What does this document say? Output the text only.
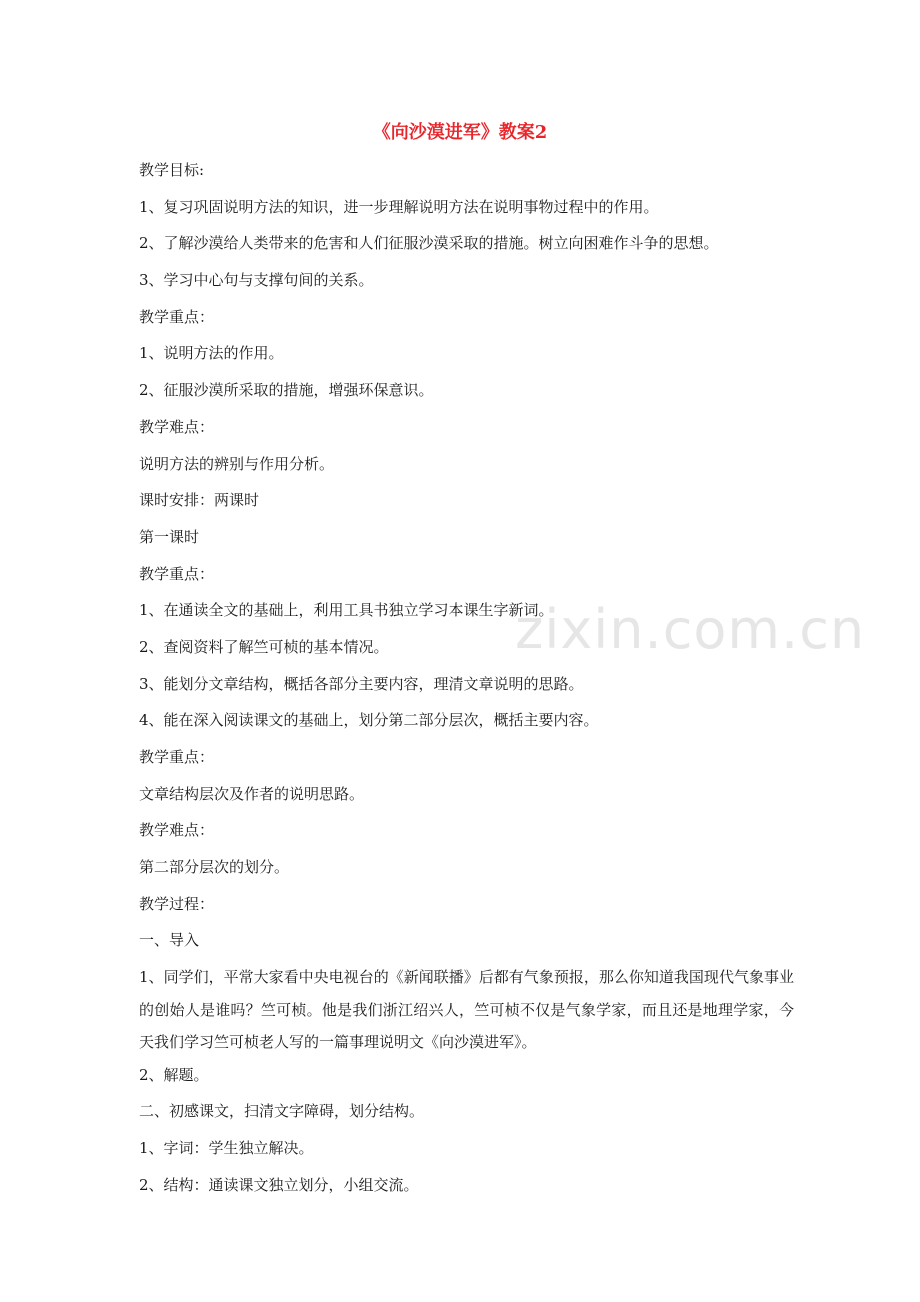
《向沙漠进军》教案2
教学目标:
1、复习巩固说明方法的知识，进一步理解说明方法在说明事物过程中的作用。
2、了解沙漠给人类带来的危害和人们征服沙漠采取的措施。树立向困难作斗争的思想。
3、学习中心句与支撑句间的关系。
教学重点：
1、说明方法的作用。
2、征服沙漠所采取的措施，增强环保意识。
教学难点：
说明方法的辨别与作用分析。
课时安排：两课时
第一课时
教学重点：
1、在通读全文的基础上，利用工具书独立学习本课生字新词。
2、查阅资料了解竺可桢的基本情况。
3、能划分文章结构，概括各部分主要内容，理清文章说明的思路。
4、能在深入阅读课文的基础上，划分第二部分层次，概括主要内容。
教学重点：
文章结构层次及作者的说明思路。
教学难点：
第二部分层次的划分。
教学过程：
一、导入
1、同学们，平常大家看中央电视台的《新闻联播》后都有气象预报，那么你知道我国现代气象事业的创始人是谁吗？竺可桢。他是我们浙江绍兴人，竺可桢不仅是气象学家，而且还是地理学家，今天我们学习竺可桢老人写的一篇事理说明文《向沙漠进军》。
2、解题。
二、初感课文，扫清文字障碍，划分结构。
1、字词：学生独立解决。
2、结构：通读课文独立划分，小组交流。
zixin.com.cn
